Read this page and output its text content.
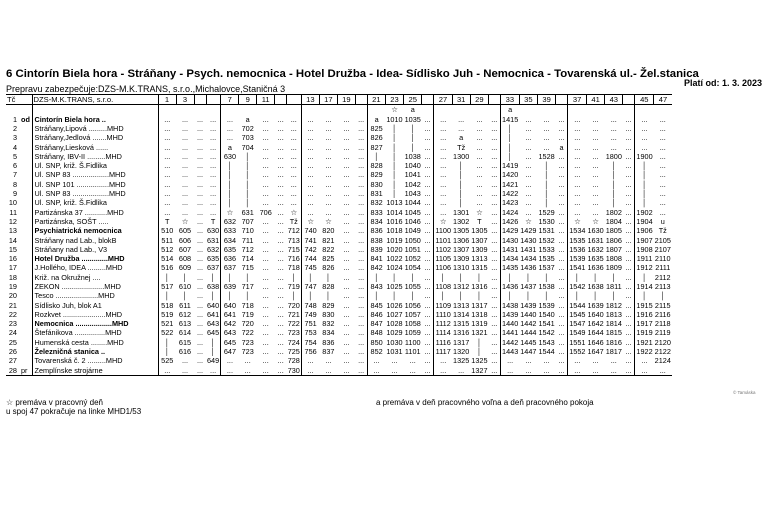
6 Cintorín Biela hora - Stráňany - Psych. nemocnica - Hotel Družba - Idea- Sídlisko Juh - Nemocnica - Tovarenská ul.- Žel.stanica
Platí od: 1. 3. 2023
Prepravu zabezpečuje:DZS-M.K.TRANS, s.r.o.,Michalovce,Staničná 3
Tč		DZS-M.K.TRANS, s.r.o.	1	3			7	9	11			13	17	19		21	23	25		27	31	29		33	35	39		37	41	43		45	47
																	☆	a						a									
1	od	Cintorín Biela hora ..	...	...	...	...	...	a	...	...	...	...	...	...	...	a	1010	1035	...	...	...	...	...	1415	...	...	...	...	...	...	...	...	...
2		Stráňany,Lipová .........MHD	...	...	...	...	...	702	...	...	...	...	...	...	...	825	│	│	...	...	...	...	...	│	...	...	...	...	...	...	...	...	...
3		Stráňany,Jedlová .......MHD	...	...	...	...	...	703	...	...	...	...	...	...	...	826	│	│	...	...	a	...	...	│	...	...	...	...	...	...	...	...	...
4		Stráňany,Liesková ......	...	...	...	...	a	704	...	...	...	...	...	...	...	827	│	│	...	...	Tž	...	...	│	...	...	a	...	...	...	...	...	...
5		Stráňany, IBV-II .........MHD	...	...	...	...	630	│	...	...	...	...	...	...	...	│	│	1038	...	...	1300	...	...	│	...	1528	...	...	...	1800	...	1900	...
6		Ul. SNP, križ. Š.Fidlika	...	...	...	...	│	│	...	...	...	...	...	...	...	828	│	1040	...	...	│	...	...	1419	...	│	...	...	...	│	...	│	...
7		Ul. SNP 83 ..................MHD	...	...	...	...	│	│	...	...	...	...	...	...	...	829	│	1041	...	...	│	...	...	1420	...	│	...	...	...	│	...	│	...
8		Ul. SNP 101 ................MHD	...	...	...	...	│	│	...	...	...	...	...	...	...	830	│	1042	...	...	│	...	...	1421	...	│	...	...	...	│	...	│	...
9		Ul. SNP 83 ..................MHD	...	...	...	...	│	│	...	...	...	...	...	...	...	831	│	1043	...	...	│	...	...	1422	...	│	...	...	...	│	...	│	...
10		Ul. SNP, križ. Š.Fidlika	...	...	...	...	│	│	...	...	...	...	...	...	...	832	1013	1044	...	...	│	...	...	1423	...	│	...	...	...	│	...	│	...
11		Partizánska 37 ...........MHD	...	...	...	...	☆	631	706	...	☆	...	...	...	...	833	1014	1045	...	...	1301	☆	...	1424	...	1529	...	...	...	1802	...	1902	...
12		Partizánska, SOŠT .....	T	☆	...	T	632	707	...	...	Tž	☆	☆	...	...	834	1016	1046	...	☆	1302	T	...	1426	☆	1530	...	☆	☆	1804	...	1904	u
13		Psychiatrická nemocnica	510	605	...	630	633	710	...	...	712	740	820	...	...	836	1018	1049	...	1100	1305	1305	...	1429	1429	1531	...	1534	1630	1805	...	1906	Tž
14		Stráňany nad Lab., blokB	511	606	...	631	634	711	...	...	713	741	821	...	...	838	1019	1050	...	1101	1306	1307	...	1430	1430	1532	...	1535	1631	1806	...	1907	2105
15		Stráňany nad Lab., V3	512	607	...	632	635	712	...	...	715	742	822	...	...	839	1020	1051	...	1102	1307	1309	...	1431	1431	1533	...	1536	1632	1807	...	1908	2107
16		Hotel Družba .............MHD	514	608	...	635	636	714	...	...	716	744	825	...	...	841	1022	1052	...	1105	1309	1313	...	1434	1434	1535	...	1539	1635	1808	...	1911	2110
17		J.Hollého, IDEA .........MHD	516	609	...	637	637	715	...	...	718	745	826	...	...	842	1024	1054	...	1106	1310	1315	...	1435	1436	1537	...	1541	1636	1809	...	1912	2111
18		Križ. na Okružnej ....	│	│	...	│	│	│	...	...	│	│	│	...	...	│	│	│	...	│	│	│	...	│	│	│	...	│	│	│	...	│	2112
19		ZEKON .....................MHD	517	610	...	638	639	717	...	...	719	747	828	...	...	843	1025	1055	...	1108	1312	1316	...	1436	1437	1538	...	1542	1638	1811	...	1914	2113
20		Tesco .....................MHD	│	│	...	│	│	│	...	...	│	│	│	...	...	│	│	│	...	│	│	│	...	│	│	│	...	│	│	│	...	│	│
21		Sídlisko Juh, blok A1	518	611	...	640	640	718	...	...	720	748	829	...	...	845	1026	1056	...	1109	1313	1317	...	1438	1439	1539	...	1544	1639	1812	...	1915	2115
22		Rozkvet .....................MHD	519	612	...	641	641	719	...	...	721	749	830	...	...	846	1027	1057	...	1110	1314	1318	...	1439	1440	1540	...	1545	1640	1813	...	1916	2116
23		Nemocnica ..................MHD	521	613	...	643	642	720	...	...	722	751	832	...	...	847	1028	1058	...	1112	1315	1319	...	1440	1442	1541	...	1547	1642	1814	...	1917	2118
24		Štefánikova ...............MHD	522	614	...	645	643	722	...	...	723	753	834	...	...	848	1029	1059	...	1114	1316	1321	...	1441	1444	1542	...	1549	1644	1815	...	1919	2119
25		Humenská cesta ........MHD	│	615	...	│	645	723	...	...	724	754	836	...	...	850	1030	1100	...	1116	1317	│	...	1442	1445	1543	...	1551	1646	1816	...	1921	2120
26		Železničná stanica ..	│	616	...	│	647	723	...	...	725	756	837	...	...	852	1031	1101	...	1117	1320	│	...	1443	1447	1544	...	1552	1647	1817	...	1922	2122
27		Tovarenská č. 2 .........MHD	525	...	...	649	...	...	...	...	728	...	...	...	...	...	...	...	...	...	1325	1325	...	...	...	...	...	...	...	...	...	...	2124
28	pr	Zemplínske strojárne	...	...	...	...	...	...	...	...	730	...	...	...	...	...	...	...	...	...	...	1327	...	...	...	...	...	...	...	...	...	...	...
☆ premáva v pracovný deň
u spoj 47 pokračuje na linke MHD1/53
a premáva v deň pracovného voľna a deň pracovného pokoja
© Tamáska
